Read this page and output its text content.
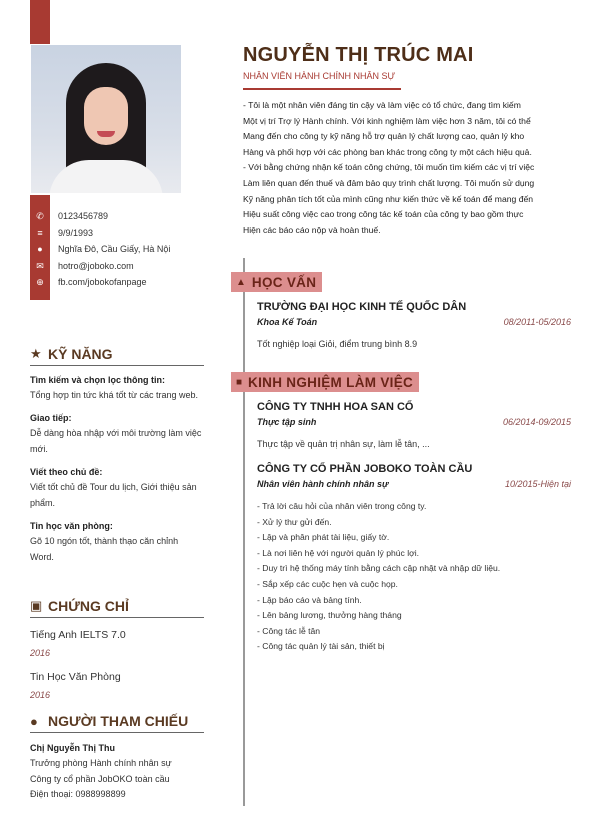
✆	0123456789
≡	9/9/1993
●	Nghĩa Đô, Cầu Giấy, Hà Nội
✉	hotro@joboko.com
⊕	fb.com/jobokofanpage
★ KỸ NĂNG
Tìm kiếm và chọn lọc thông tin:
Tổng hợp tin tức khá tốt từ các trang web.
Giao tiếp:
Dễ dàng hòa nhập với môi trường làm việc mới.
Viết theo chủ đề:
Viết tốt chủ đề Tour du lịch, Giới thiệu sản phẩm.
Tin học văn phòng:
Gõ 10 ngón tốt, thành thạo căn chỉnh Word.
▣ CHỨNG CHỈ
Tiếng Anh IELTS 7.0
2016
Tin Học Văn Phòng
2016
● NGƯỜI THAM CHIẾU
Chị Nguyễn Thị Thu
Trưởng phòng Hành chính nhân sự
Công ty cổ phần JobOKO toàn cầu
Điện thoại: 0988998899
NGUYỄN THỊ TRÚC MAI
NHÂN VIÊN HÀNH CHÍNH NHÂN SỰ
- Tôi là một nhân viên đáng tin cậy và làm việc có tổ chức, đang tìm kiếm
Một vị trí Trợ lý Hành chính. Với kinh nghiệm làm việc hơn 3 năm, tôi có thể
Mang đến cho công ty kỹ năng hỗ trợ quản lý chất lượng cao, quản lý kho
Hàng và phối hợp với các phòng ban khác trong công ty một cách hiệu quả.
- Với bằng chứng nhận kế toán công chứng, tôi muốn tìm kiếm các vị trí việc
Làm liên quan đến thuế và đảm bảo quy trình chất lượng. Tôi muốn sử dụng
Kỹ năng phân tích tốt của mình cũng như kiến thức về kế toán để mang đến
Hiệu suất công việc cao trong công tác kế toán của công ty bao gồm thực
Hiện các báo cáo nộp và hoàn thuế.
▲ HỌC VẤN
TRƯỜNG ĐẠI HỌC KINH TẾ QUỐC DÂN
Khoa Kế Toán	08/2011-05/2016
Tốt nghiệp loại Giỏi, điểm trung bình 8.9
■ KINH NGHIỆM LÀM VIỆC
CÔNG TY TNHH HOA SAN CỔ
Thực tập sinh	06/2014-09/2015
Thực tập về quản trị nhân sự, làm lễ tân, ...
CÔNG TY CỔ PHẦN JOBOKO TOÀN CẦU
Nhân viên hành chính nhân sự	10/2015-Hiện tại
- Trả lời câu hỏi của nhân viên trong công ty.
- Xử lý thư gửi đến.
- Lập và phân phát tài liệu, giấy tờ.
- Là nơi liên hệ với người quản lý phúc lợi.
- Duy trì hệ thống máy tính bằng cách cập nhật và nhập dữ liệu.
- Sắp xếp các cuộc hẹn và cuộc họp.
- Lập báo cáo và bảng tính.
- Lên bảng lương, thưởng hàng tháng
- Công tác lễ tân
- Công tác quản lý tài sản, thiết bị
